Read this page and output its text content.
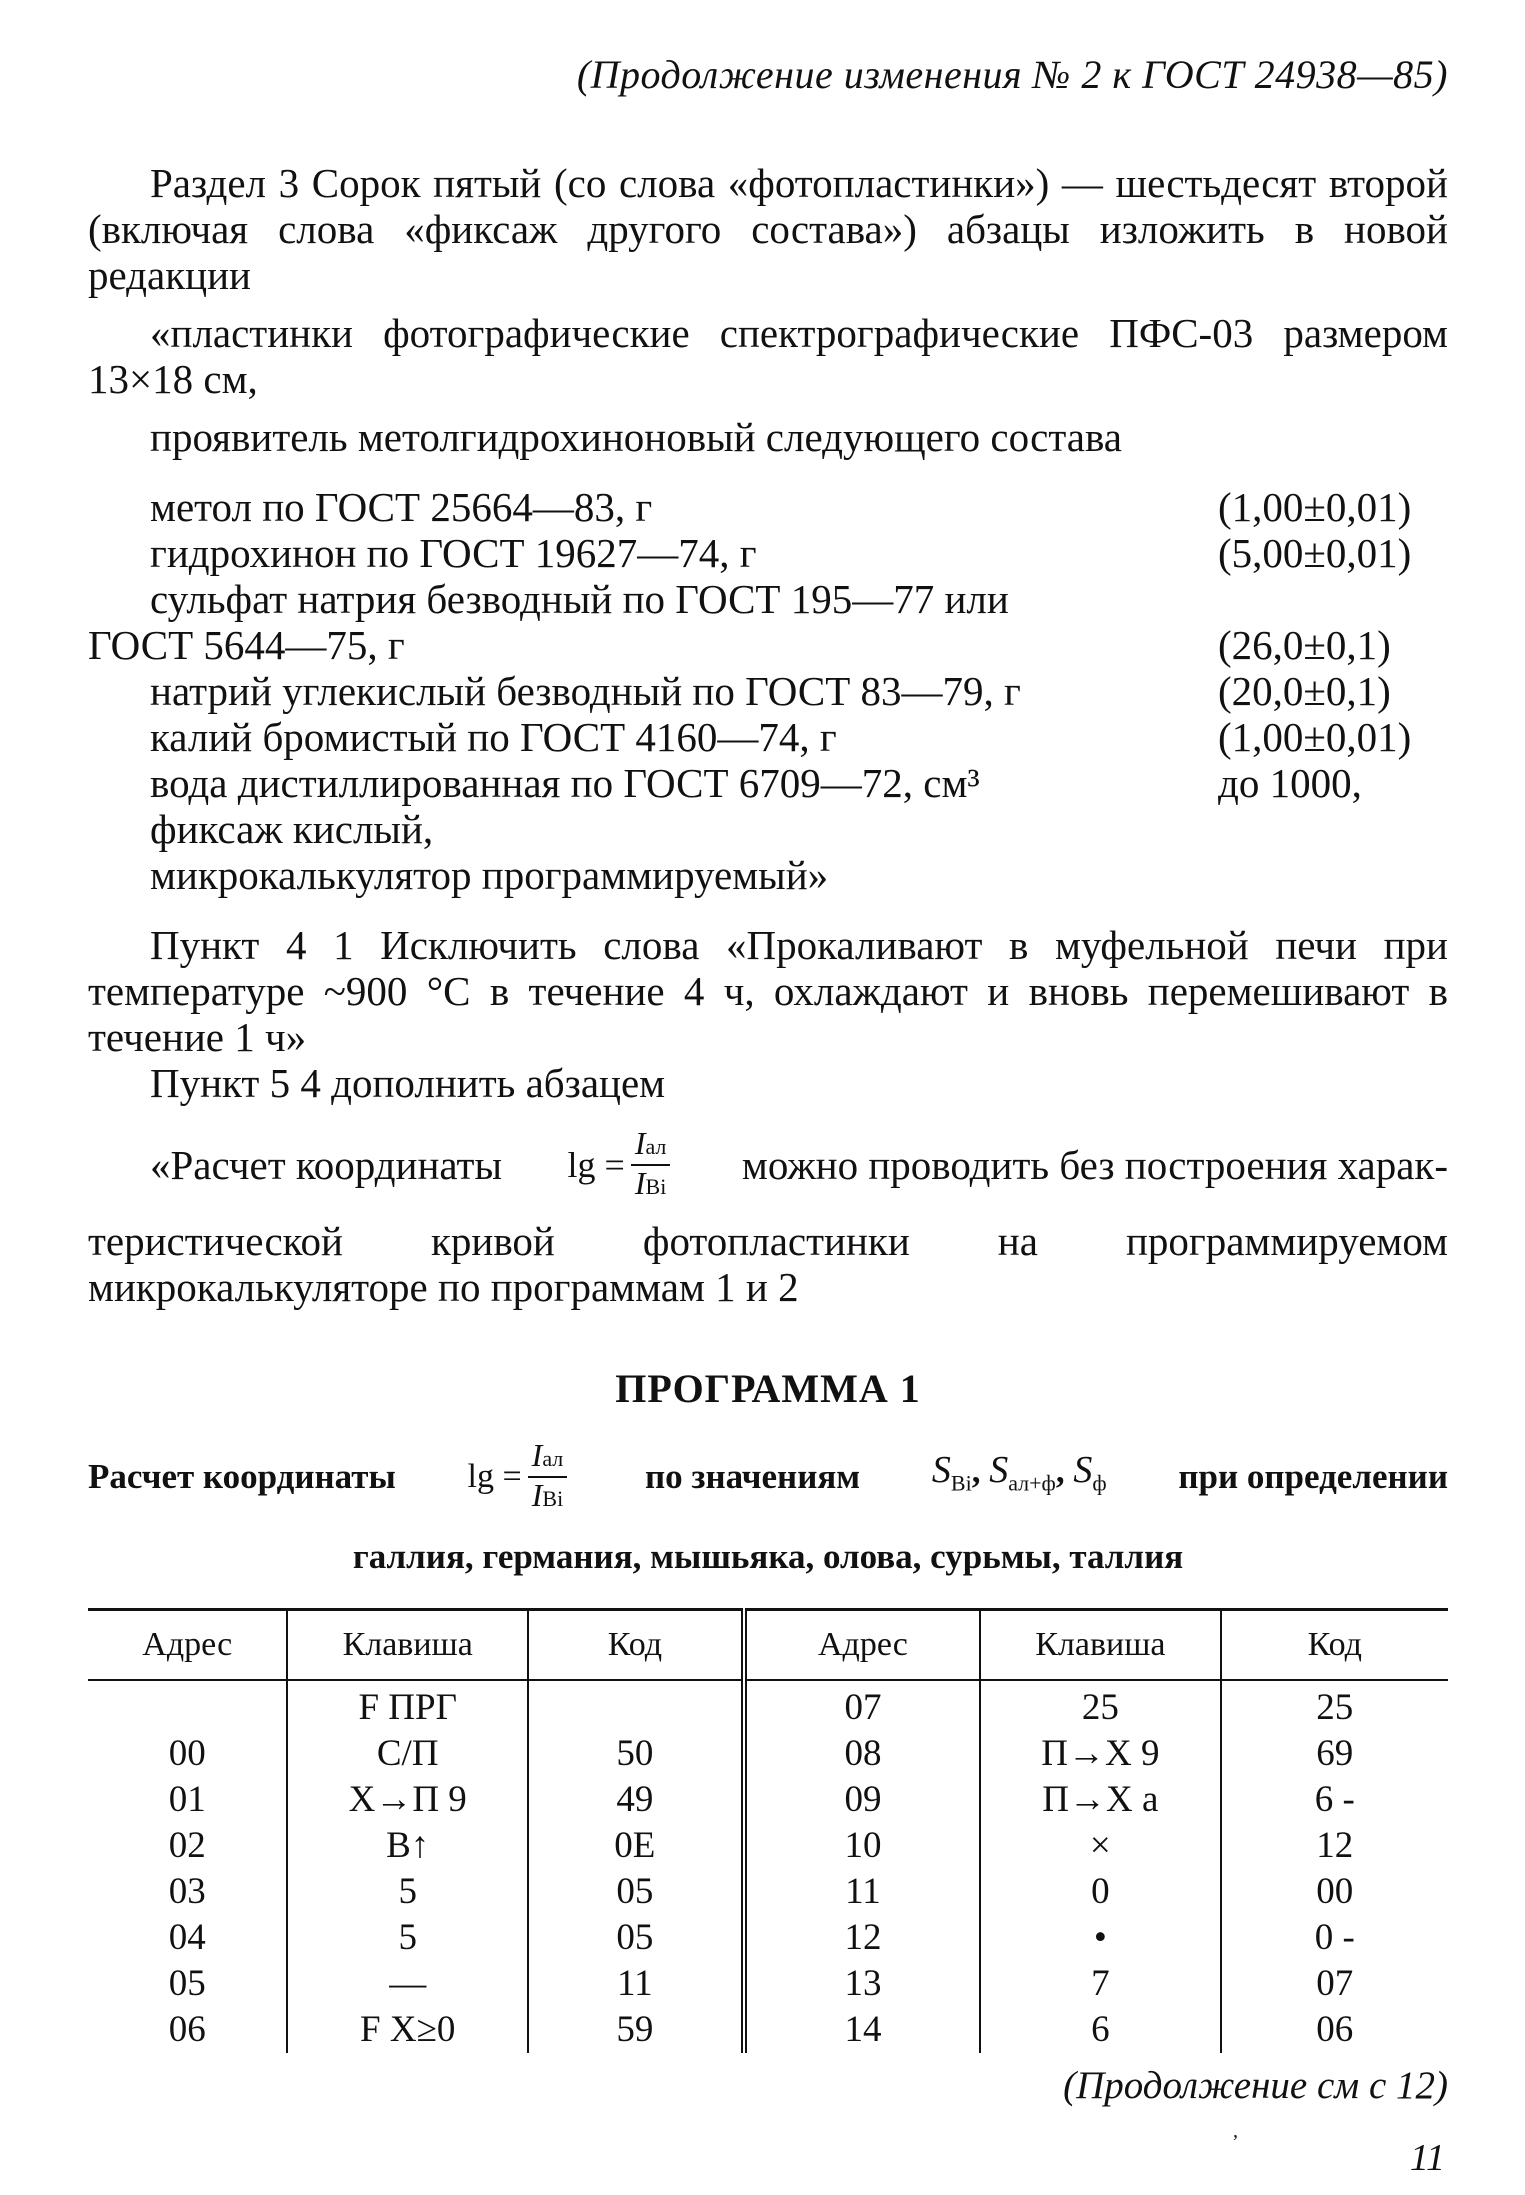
(Продолжение изменения № 2 к ГОСТ 24938—85)

Раздел 3 Сорок пятый (со слова «фотопластинки») — шестьдесят второй (включая слова «фиксаж другого состава») абзацы изложить в новой редакции

«пластинки фотографические спектрографические ПФС-03 размером 13×18 см,

проявитель метолгидрохиноновый следующего состава

метол по ГОСТ 25664—83, г	(1,00±0,01)
гидрохинон по ГОСТ 19627—74, г	(5,00±0,01)
сульфат натрия безводный по ГОСТ 195—77 или
ГОСТ 5644—75, г	(26,0±0,1)
натрий углекислый безводный по ГОСТ 83—79, г	(20,0±0,1)
калий бромистый по ГОСТ 4160—74, г	(1,00±0,01)
вода дистиллированная по ГОСТ 6709—72, см³	до 1000,
фиксаж кислый,
микрокалькулятор программируемый»

Пункт 4 1 Исключить слова «Прокаливают в муфельной печи при температуре ~900 °С в течение 4 ч, охлаждают и вновь перемешивают в течение 1 ч»

Пункт 5 4 дополнить абзацем

«Расчет координаты $\lg = \frac{\text{Iал}}{\text{IBi}}$ можно проводить без построения харак-

теристической кривой фотопластинки на программируемом микрокалькуляторе по программам 1 и 2

ПРОГРАММА 1
Расчет координаты $\lg = \frac{\text{Iал}}{\text{IBi}}$ по значениям $S_{Bi}$, $S_{ал+ф}$, $S_ф$ при определении
галлия, германия, мышьяка, олова, сурьмы, таллия
Адрес	Клавиша	Код	Адрес	Клавиша	Код
	F ПРГ		07	25	25
00	С/П	50	08	П→Х 9	69
01	Х→П 9	49	09	П→Х а	6 -
02	В↑	0Е	10	×	12
03	5	05	11	0	00
04	5	05	12	•	0 -
05	—	11	13	7	07
06	F Х≥0	59	14	6	06
(Продолжение см с 12)
‚
11
